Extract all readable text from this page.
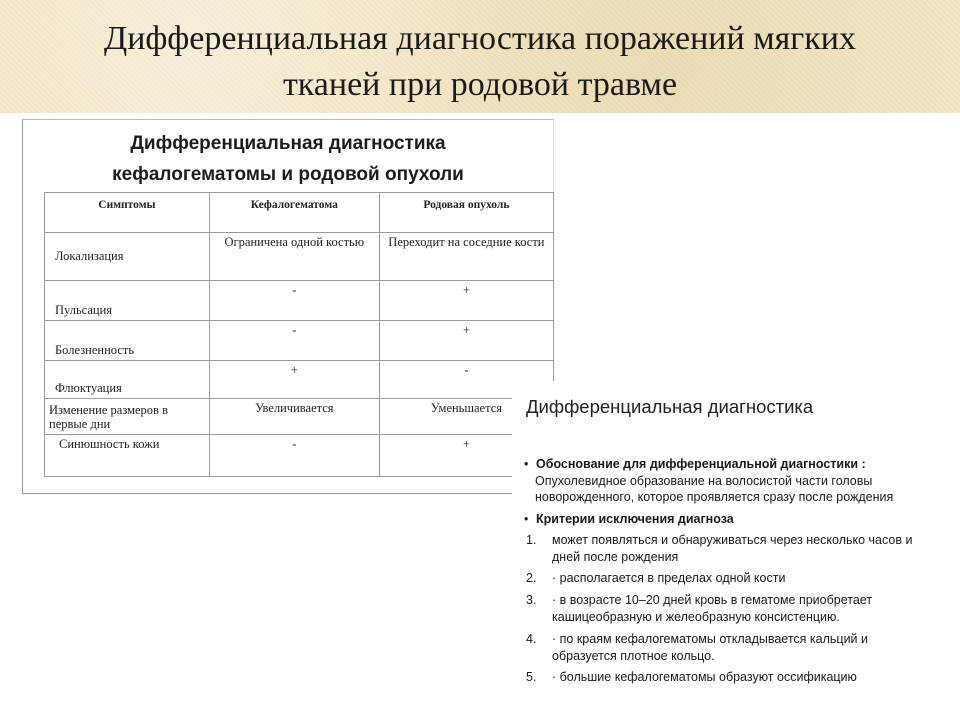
Дифференциальная диагностика поражений мягких
тканей при родовой травме
Дифференциальная диагностика
кефалогематомы и родовой опухоли
Симптомы	Кефалогематома	Родовая опухоль
Локализация	Ограничена одной костью	Переходит на соседние кости
Пульсация	-	+
Болезненность	-	+
Флюктуация	+	-
Изменение размеров в первые дни	Увеличивается	Уменьшается
Синюшность кожи	-	+
Дифференциальная диагностика
• Обоснование для дифференциальной диагностики :
Опухолевидное образование на волосистой части головы
новорожденного, которое проявляется сразу после рождения
• Критерии исключения диагноза
1.	может появляться и обнаруживаться через несколько часов и
дней после рождения
2.	· располагается в пределах одной кости
3.	· в возрасте 10–20 дней кровь в гематоме приобретает
кашицеобразную и желеобразную консистенцию.
4.	· по краям кефалогематомы откладывается кальций и
образуется плотное кольцо.
5.	· большие кефалогематомы образуют оссификацию
